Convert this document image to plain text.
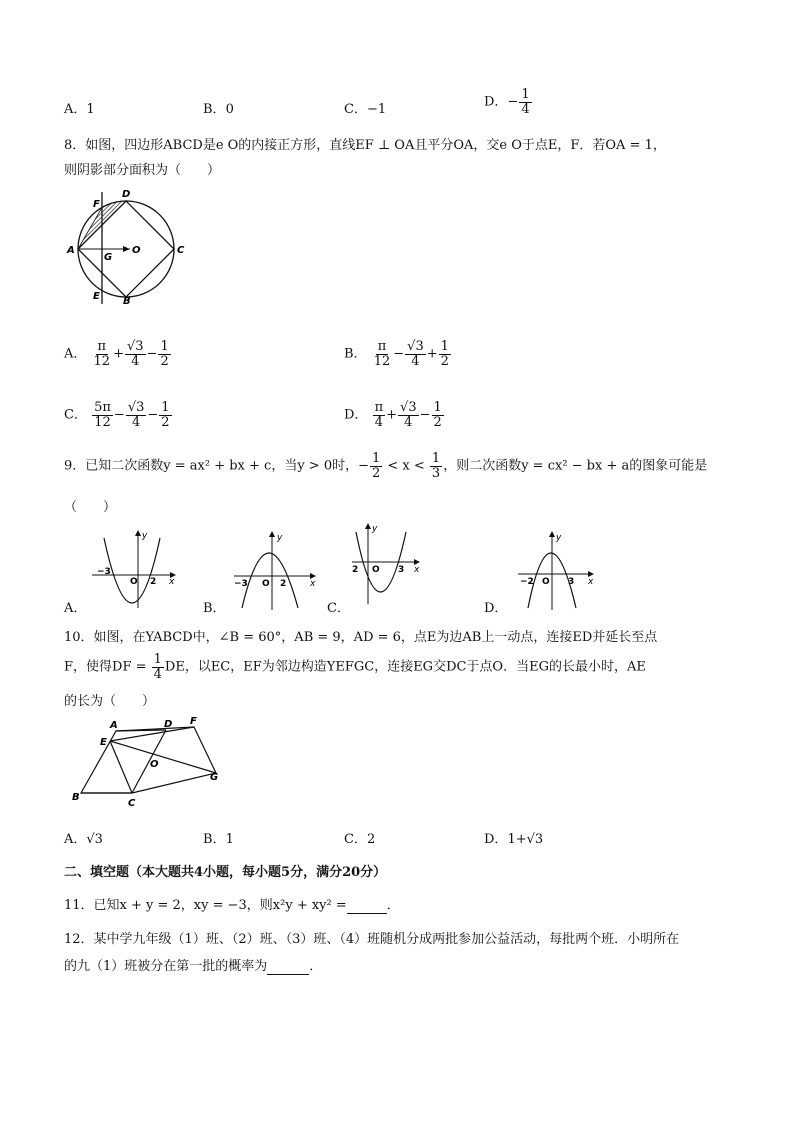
A．1	B．0	C．−1	D．− $\frac{1}{4}$
8．如图，四边形ABCD是e O的内接正方形，直线EF ⊥ OA且平分OA，交e O于点E，F．若OA = 1，
则阴影部分面积为（　　）
D
F
A
G
O	C
E B
A． $\frac{\pi}{12} + \frac{√3}{4} - \frac{1}{2}$	B． $\frac{\pi}{12} - \frac{√3}{4} + \frac{1}{2}$
C． $\frac{5\pi}{12} - \frac{√3}{4} - \frac{1}{2}$	D． $\frac{\pi}{4} + \frac{√3}{4} - \frac{1}{2}$
9．已知二次函数y = ax² + bx + c，当y > 0时，− $\frac{1}{2} < x < \frac{1}{3}$ ，则二次函数y = cx² − bx + a的图象可能是
（　　）
−3
O 2 x
y
−3 O 2	x
y
2 O 3 x
y
−2 O 3 x
y
A．	B．	C．	D．
10．如图，在YABCD中，∠B = 60°，AB = 9，AD = 6，点E为边AB上一动点，连接ED并延长至点
F，使得DF = $\frac{1}{4}$ DE，以EC，EF为邻边构造YEFGC，连接EG交DC于点O．当EG的长最小时，AE
的长为（　　）
A	D F
E
O
G
B
C
A．√3	B．1	C．2	D．1+√3
二、填空题（本大题共4小题，每小题5分，满分20分）
11．已知x + y = 2，xy = −3，则x²y + xy² =	．
12．某中学九年级（1）班、（2）班、（3）班、（4）班随机分成两批参加公益活动，每批两个班．小明所在
的九（1）班被分在第一批的概率为	．
